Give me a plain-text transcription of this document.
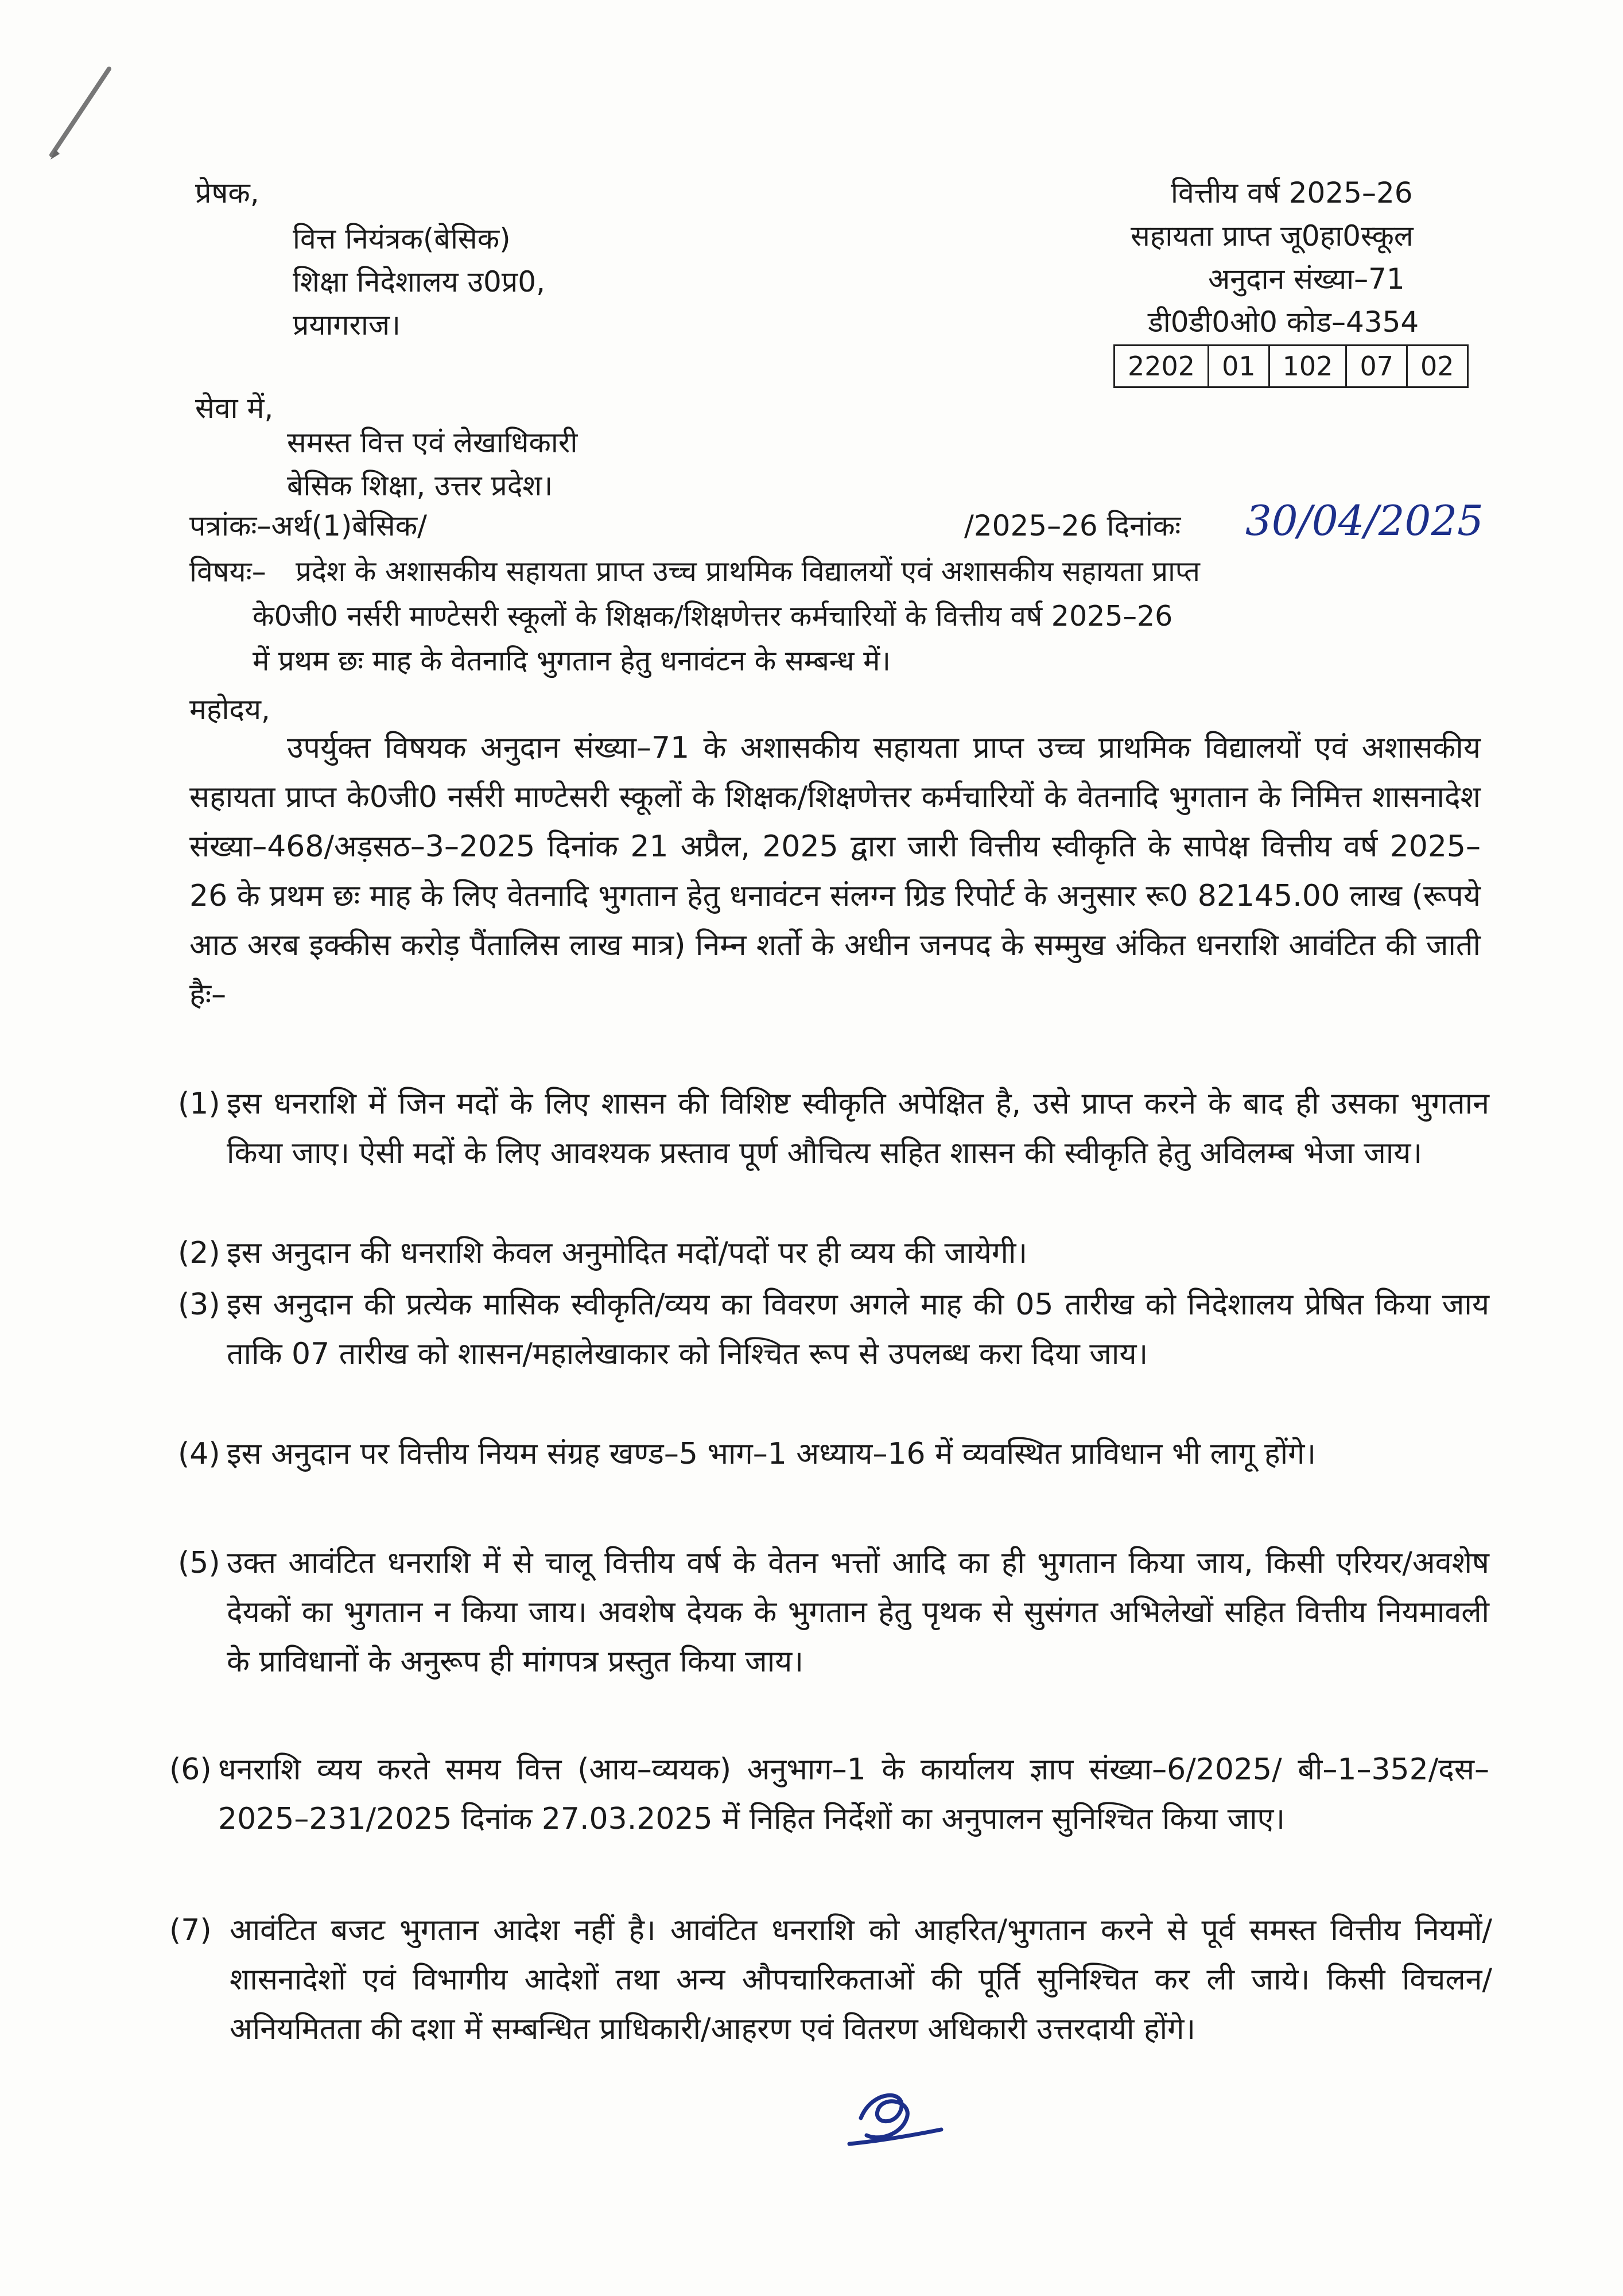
प्रेषक,
वित्त नियंत्रक(बेसिक)
शिक्षा निदेशालय उ0प्र0,
प्रयागराज।
वित्तीय वर्ष 2025–26
सहायता प्राप्त जू0हा0स्कूल
अनुदान संख्या–71
डी0डी0ओ0 कोड–4354
2202	01	102	07	02
सेवा में,
समस्त वित्त एवं लेखाधिकारी
बेसिक शिक्षा, उत्तर प्रदेश।
पत्रांकः–अर्थ(1)बेसिक/	/2025–26 दिनांकः 30/04/2025
विषयः– प्रदेश के अशासकीय सहायता प्राप्त उच्च प्राथमिक विद्यालयों एवं अशासकीय सहायता प्राप्त
के0जी0 नर्सरी माण्टेसरी स्कूलों के शिक्षक/शिक्षणेत्तर कर्मचारियों के वित्तीय वर्ष 2025–26
में प्रथम छः माह के वेतनादि भुगतान हेतु धनावंटन के सम्बन्ध में।
महोदय,
उपर्युक्त विषयक अनुदान संख्या–71 के अशासकीय सहायता प्राप्त उच्च प्राथमिक विद्यालयों एवं अशासकीय सहायता प्राप्त के0जी0 नर्सरी माण्टेसरी स्कूलों के शिक्षक/शिक्षणेत्तर कर्मचारियों के वेतनादि भुगतान के निमित्त शासनादेश संख्या–468/अड़सठ–3–2025 दिनांक 21 अप्रैल, 2025 द्वारा जारी वित्तीय स्वीकृति के सापेक्ष वित्तीय वर्ष 2025–26 के प्रथम छः माह के लिए वेतनादि भुगतान हेतु धनावंटन संलग्न ग्रिड रिपोर्ट के अनुसार रू0 82145.00 लाख (रूपये आठ अरब इक्कीस करोड़ पैंतालिस लाख मात्र) निम्न शर्तो के अधीन जनपद के सम्मुख अंकित धनराशि आवंटित की जाती हैः–
(1) इस धनराशि में जिन मदों के लिए शासन की विशिष्ट स्वीकृति अपेक्षित है, उसे प्राप्त करने के बाद ही उसका भुगतान किया जाए। ऐसी मदों के लिए आवश्यक प्रस्ताव पूर्ण औचित्य सहित शासन की स्वीकृति हेतु अविलम्ब भेजा जाय।
(2) इस अनुदान की धनराशि केवल अनुमोदित मदों/पदों पर ही व्यय की जायेगी।
(3) इस अनुदान की प्रत्येक मासिक स्वीकृति/व्यय का विवरण अगले माह की 05 तारीख को निदेशालय प्रेषित किया जाय ताकि 07 तारीख को शासन/महालेखाकार को निश्चित रूप से उपलब्ध करा दिया जाय।
(4) इस अनुदान पर वित्तीय नियम संग्रह खण्ड–5 भाग–1 अध्याय–16 में व्यवस्थित प्राविधान भी लागू होंगे।
(5) उक्त आवंटित धनराशि में से चालू वित्तीय वर्ष के वेतन भत्तों आदि का ही भुगतान किया जाय, किसी एरियर/अवशेष देयकों का भुगतान न किया जाय। अवशेष देयक के भुगतान हेतु पृथक से सुसंगत अभिलेखों सहित वित्तीय नियमावली के प्राविधानों के अनुरूप ही मांगपत्र प्रस्तुत किया जाय।
(6) धनराशि व्यय करते समय वित्त (आय–व्ययक) अनुभाग–1 के कार्यालय ज्ञाप संख्या–6/2025/ बी–1–352/दस–2025–231/2025 दिनांक 27.03.2025 में निहित निर्देशों का अनुपालन सुनिश्चित किया जाए।
(7) आवंटित बजट भुगतान आदेश नहीं है। आवंटित धनराशि को आहरित/भुगतान करने से पूर्व समस्त वित्तीय नियमों/शासनादेशों एवं विभागीय आदेशों तथा अन्य औपचारिकताओं की पूर्ति सुनिश्चित कर ली जाये। किसी विचलन/अनियमितता की दशा में सम्बन्धित प्राधिकारी/आहरण एवं वितरण अधिकारी उत्तरदायी होंगे।
